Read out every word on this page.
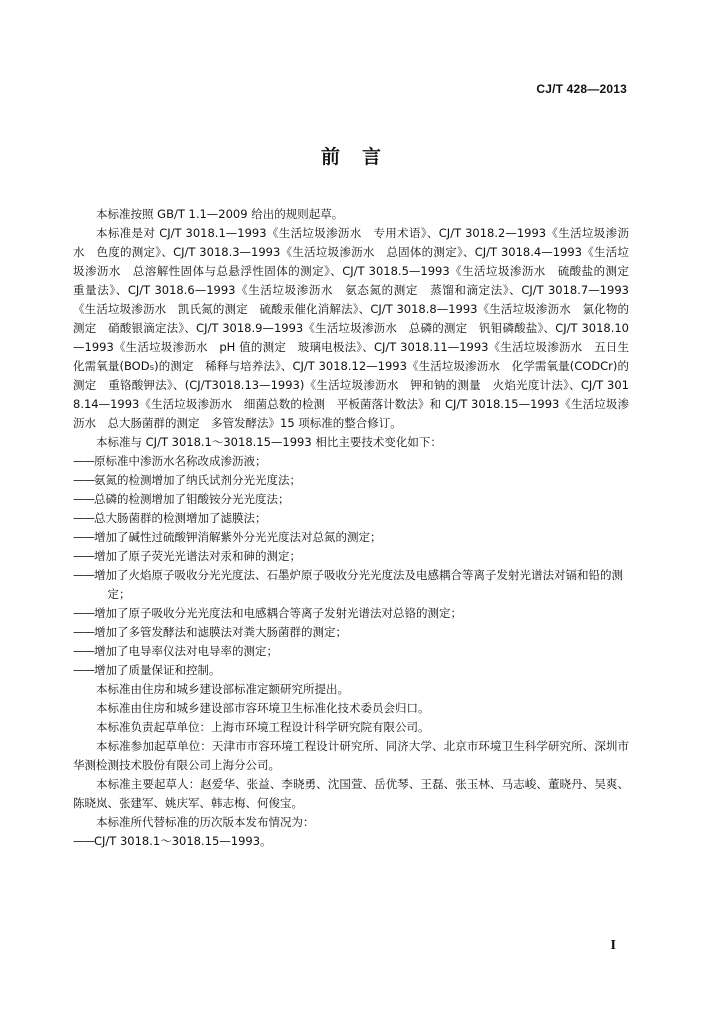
CJ/T 428—2013
前言

本标准按照 GB/T 1.1—2009 给出的规则起草。

本标准是对 CJ/T 3018.1—1993《生活垃圾渗沥水　专用术语》、CJ/T 3018.2—1993《生活垃圾渗沥水　色度的测定》、CJ/T 3018.3—1993《生活垃圾渗沥水　总固体的测定》、CJ/T 3018.4—1993《生活垃圾渗沥水　总溶解性固体与总悬浮性固体的测定》、CJ/T 3018.5—1993《生活垃圾渗沥水　硫酸盐的测定　重量法》、CJ/T 3018.6—1993《生活垃圾渗沥水　氨态氮的测定　蒸馏和滴定法》、CJ/T 3018.7—1993《生活垃圾渗沥水　凯氏氮的测定　硫酸汞催化消解法》、CJ/T 3018.8—1993《生活垃圾渗沥水　氯化物的测定　硝酸银滴定法》、CJ/T 3018.9—1993《生活垃圾渗沥水　总磷的测定　钒钼磷酸盐》、CJ/T 3018.10—1993《生活垃圾渗沥水　pH 值的测定　玻璃电极法》、CJ/T 3018.11—1993《生活垃圾渗沥水　五日生化需氧量(BOD₅)的测定　稀释与培养法》、CJ/T 3018.12—1993《生活垃圾渗沥水　化学需氧量(CODCr)的测定　重铬酸钾法》、(CJ/T3018.13—1993)《生活垃圾渗沥水　钾和钠的测量　火焰光度计法》、CJ/T 3018.14—1993《生活垃圾渗沥水　细菌总数的检测　平板菌落计数法》和 CJ/T 3018.15—1993《生活垃圾渗沥水　总大肠菌群的测定　多管发酵法》15 项标准的整合修订。

本标准与 CJ/T 3018.1～3018.15—1993 相比主要技术变化如下：

——原标准中渗沥水名称改成渗沥液；

——氨氮的检测增加了纳氏试剂分光光度法；

——总磷的检测增加了钼酸铵分光光度法；

——总大肠菌群的检测增加了滤膜法；

——增加了碱性过硫酸钾消解紫外分光光度法对总氮的测定；

——增加了原子荧光光谱法对汞和砷的测定；

——增加了火焰原子吸收分光光度法、石墨炉原子吸收分光光度法及电感耦合等离子发射光谱法对镉和铅的测定；

——增加了原子吸收分光光度法和电感耦合等离子发射光谱法对总铬的测定；

——增加了多管发酵法和滤膜法对粪大肠菌群的测定；

——增加了电导率仪法对电导率的测定；

——增加了质量保证和控制。

本标准由住房和城乡建设部标准定额研究所提出。

本标准由住房和城乡建设部市容环境卫生标准化技术委员会归口。

本标准负责起草单位：上海市环境工程设计科学研究院有限公司。

本标准参加起草单位：天津市市容环境工程设计研究所、同济大学、北京市环境卫生科学研究所、深圳市华测检测技术股份有限公司上海分公司。

本标准主要起草人：赵爱华、张益、李晓勇、沈国萱、岳优琴、王磊、张玉林、马志峻、董晓丹、吴爽、陈晓岚、张建军、姚庆军、韩志梅、何俊宝。

本标准所代替标准的历次版本发布情况为：

——CJ/T 3018.1～3018.15—1993。

I
